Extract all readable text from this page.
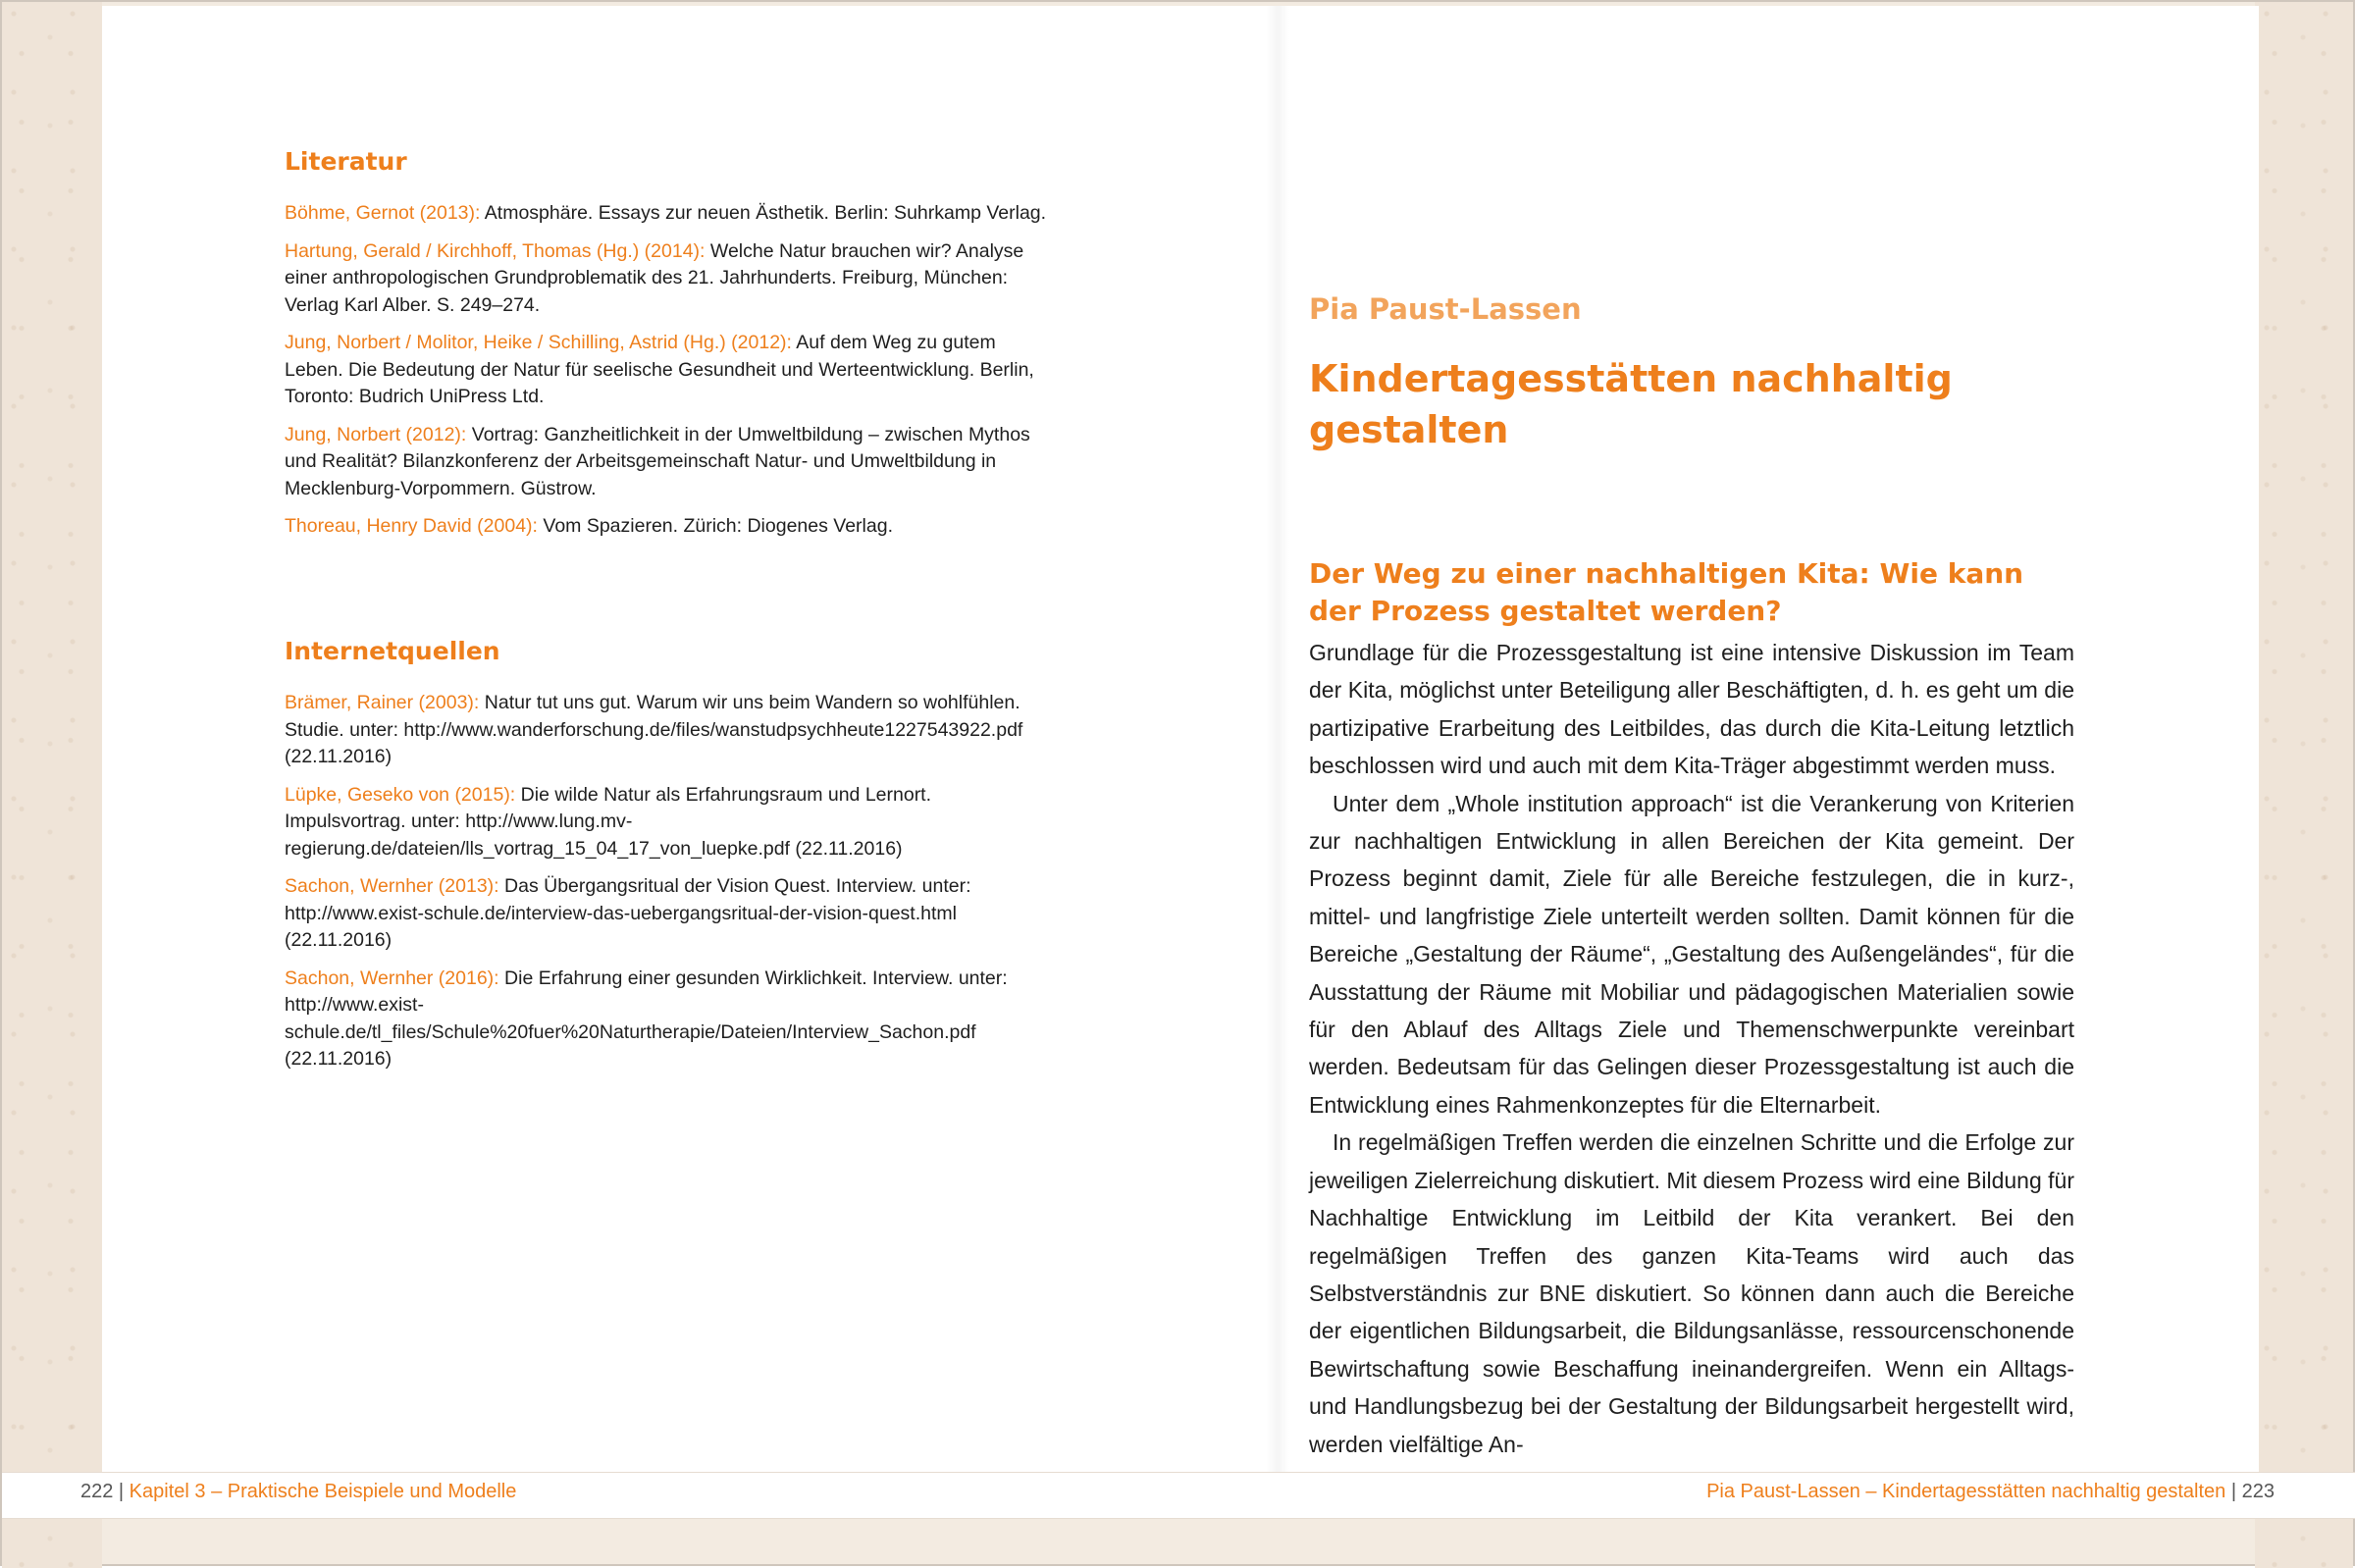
Literatur
Böhme, Gernot (2013): Atmosphäre. Essays zur neuen Ästhetik. Berlin: Suhrkamp Verlag.
Hartung, Gerald / Kirchhoff, Thomas (Hg.) (2014): Welche Natur brauchen wir? Analyse einer anthropologischen Grundproblematik des 21. Jahrhunderts. Freiburg, München: Verlag Karl Alber. S. 249–274.
Jung, Norbert / Molitor, Heike / Schilling, Astrid (Hg.) (2012): Auf dem Weg zu gutem Leben. Die Bedeutung der Natur für seelische Gesundheit und Werteentwicklung. Berlin, Toronto: Budrich UniPress Ltd.
Jung, Norbert (2012): Vortrag: Ganzheitlichkeit in der Umweltbildung – zwischen Mythos und Realität? Bilanzkonferenz der Arbeitsgemeinschaft Natur- und Umweltbildung in Mecklenburg-Vorpommern. Güstrow.
Thoreau, Henry David (2004): Vom Spazieren. Zürich: Diogenes Verlag.
Internetquellen
Brämer, Rainer (2003): Natur tut uns gut. Warum wir uns beim Wandern so wohlfühlen. Studie. unter: http://www.wanderforschung.de/files/wanstudpsychheute1227543922.pdf (22.11.2016)
Lüpke, Geseko von (2015): Die wilde Natur als Erfahrungsraum und Lernort. Impulsvortrag. unter: http://www.lung.mv-regierung.de/dateien/lls_vortrag_15_04_17_von_luepke.pdf (22.11.2016)
Sachon, Wernher (2013): Das Übergangsritual der Vision Quest. Interview. unter: http://www.exist-schule.de/interview-das-uebergangsritual-der-vision-quest.html (22.11.2016)
Sachon, Wernher (2016): Die Erfahrung einer gesunden Wirklichkeit. Interview. unter: http://www.exist-schule.de/tl_files/Schule%20fuer%20Naturtherapie/Dateien/Interview_Sachon.pdf (22.11.2016)
Pia Paust-Lassen
Kindertagesstätten nachhaltig gestalten
Der Weg zu einer nachhaltigen Kita: Wie kann der Prozess gestaltet werden?

Grundlage für die Prozessgestaltung ist eine intensive Diskussion im Team der Kita, möglichst unter Beteiligung aller Beschäftigten, d. h. es geht um die partizipative Erarbeitung des Leitbildes, das durch die Kita-Leitung letztlich beschlossen wird und auch mit dem Kita-Träger abgestimmt werden muss.

Unter dem „Whole institution approach“ ist die Verankerung von Kriterien zur nachhaltigen Entwicklung in allen Bereichen der Kita gemeint. Der Prozess beginnt damit, Ziele für alle Bereiche festzulegen, die in kurz-, mittel- und langfristige Ziele unterteilt werden sollten. Damit können für die Bereiche „Gestaltung der Räume“, „Gestaltung des Außengeländes“, für die Ausstattung der Räume mit Mobiliar und pädagogischen Materialien sowie für den Ablauf des Alltags Ziele und Themenschwerpunkte vereinbart werden. Bedeutsam für das Gelingen dieser Prozessgestaltung ist auch die Entwicklung eines Rahmenkonzeptes für die Elternarbeit.

In regelmäßigen Treffen werden die einzelnen Schritte und die Erfolge zur jeweiligen Zielerreichung diskutiert. Mit diesem Prozess wird eine Bildung für Nachhaltige Entwicklung im Leitbild der Kita verankert. Bei den regelmäßigen Treffen des ganzen Kita-Teams wird auch das Selbstverständnis zur BNE diskutiert. So können dann auch die Bereiche der eigentlichen Bildungsarbeit, die Bildungsanlässe, ressourcenschonende Bewirtschaftung sowie Beschaffung ineinandergreifen. Wenn ein Alltags- und Handlungsbezug bei der Gestaltung der Bildungsarbeit hergestellt wird, werden vielfältige An-

222 | Kapitel 3 – Praktische Beispiele und Modelle	Pia Paust-Lassen – Kindertagesstätten nachhaltig gestalten | 223
